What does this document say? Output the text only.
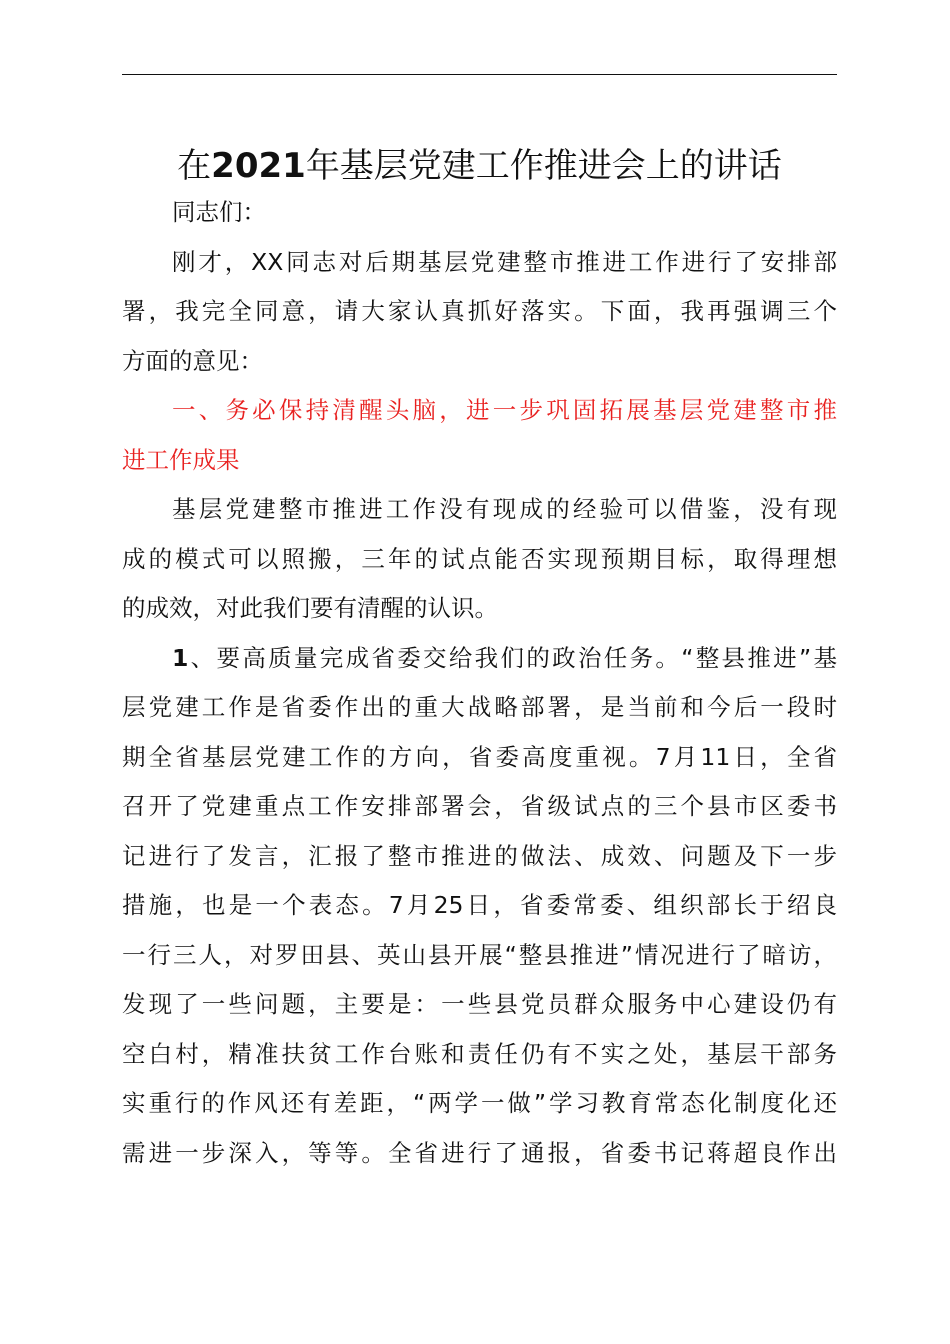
在2021年基层党建工作推进会上的讲话
同志们：
刚才，XX同志对后期基层党建整市推进工作进行了安排部
署，我完全同意，请大家认真抓好落实。下面，我再强调三个
方面的意见：
一、务必保持清醒头脑，进一步巩固拓展基层党建整市推
进工作成果
基层党建整市推进工作没有现成的经验可以借鉴，没有现
成的模式可以照搬，三年的试点能否实现预期目标，取得理想
的成效，对此我们要有清醒的认识。
1、要高质量完成省委交给我们的政治任务。“整县推进”基
层党建工作是省委作出的重大战略部署，是当前和今后一段时
期全省基层党建工作的方向，省委高度重视。7月11日，全省
召开了党建重点工作安排部署会，省级试点的三个县市区委书
记进行了发言，汇报了整市推进的做法、成效、问题及下一步
措施，也是一个表态。7月25日，省委常委、组织部长于绍良
一行三人，对罗田县、英山县开展“整县推进”情况进行了暗访，
发现了一些问题，主要是：一些县党员群众服务中心建设仍有
空白村，精准扶贫工作台账和责任仍有不实之处，基层干部务
实重行的作风还有差距，“两学一做”学习教育常态化制度化还
需进一步深入，等等。全省进行了通报，省委书记蒋超良作出
